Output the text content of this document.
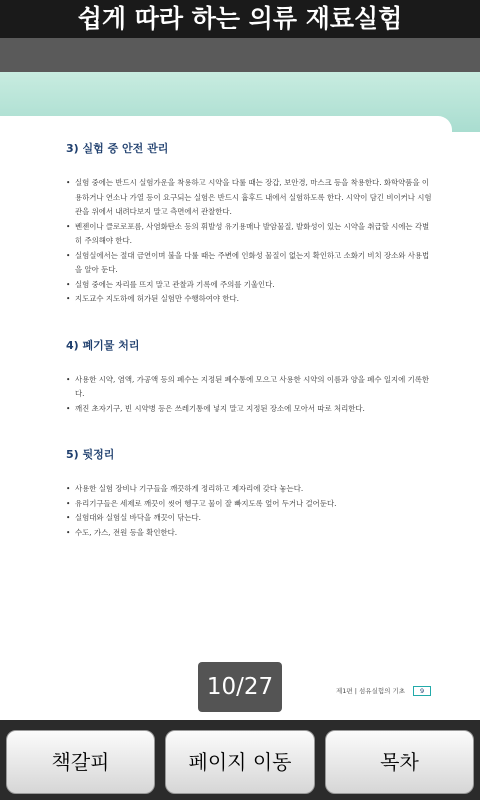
쉽게 따라 하는 의류 재료실험
3) 실험 중 안전 관리
• 실험 중에는 반드시 실험가운을 착용하고 시약을 다룰 때는 장갑, 보안경, 마스크 등을 착용한다. 화학약품을 이용하거나 연소나 가열 등이 요구되는 실험은 반드시 흄후드 내에서 실험하도록 한다. 시약이 담긴 비이커나 시험관을 위에서 내려다보지 말고 측면에서 관찰한다.
• 벤젠이나 클로로포름, 사염화탄소 등의 휘발성 유기용매나 발암물질, 발화성이 있는 시약을 취급할 시에는 각별히 주의해야 한다.
• 실험실에서는 절대 금연이며 불을 다룰 때는 주변에 인화성 물질이 없는지 확인하고 소화기 비치 장소와 사용법을 알아 둔다.
• 실험 중에는 자리를 뜨지 말고 관찰과 기록에 주의를 기울인다.
• 지도교수 지도하에 허가된 실험만 수행하여야 한다.
4) 폐기물 처리
• 사용한 시약, 염액, 가공액 등의 폐수는 지정된 폐수통에 모으고 사용한 시약의 이름과 양을 폐수 일지에 기록한다.
• 깨진 초자기구, 빈 시약병 등은 쓰레기통에 넣지 말고 지정된 장소에 모아서 따로 처리한다.
5) 뒷정리
• 사용한 실험 장비나 기구들을 깨끗하게 정리하고 제자리에 갖다 놓는다.
• 유리기구들은 세제로 깨끗이 씻어 헹구고 물이 잘 빠지도록 엎어 두거나 걸어둔다.
• 실험대와 실험실 바닥을 깨끗이 닦는다.
• 수도, 가스, 전원 등을 확인한다.
제1편 | 섬유실험의 기초 9
10/27
책갈피	페이지 이동	목차
